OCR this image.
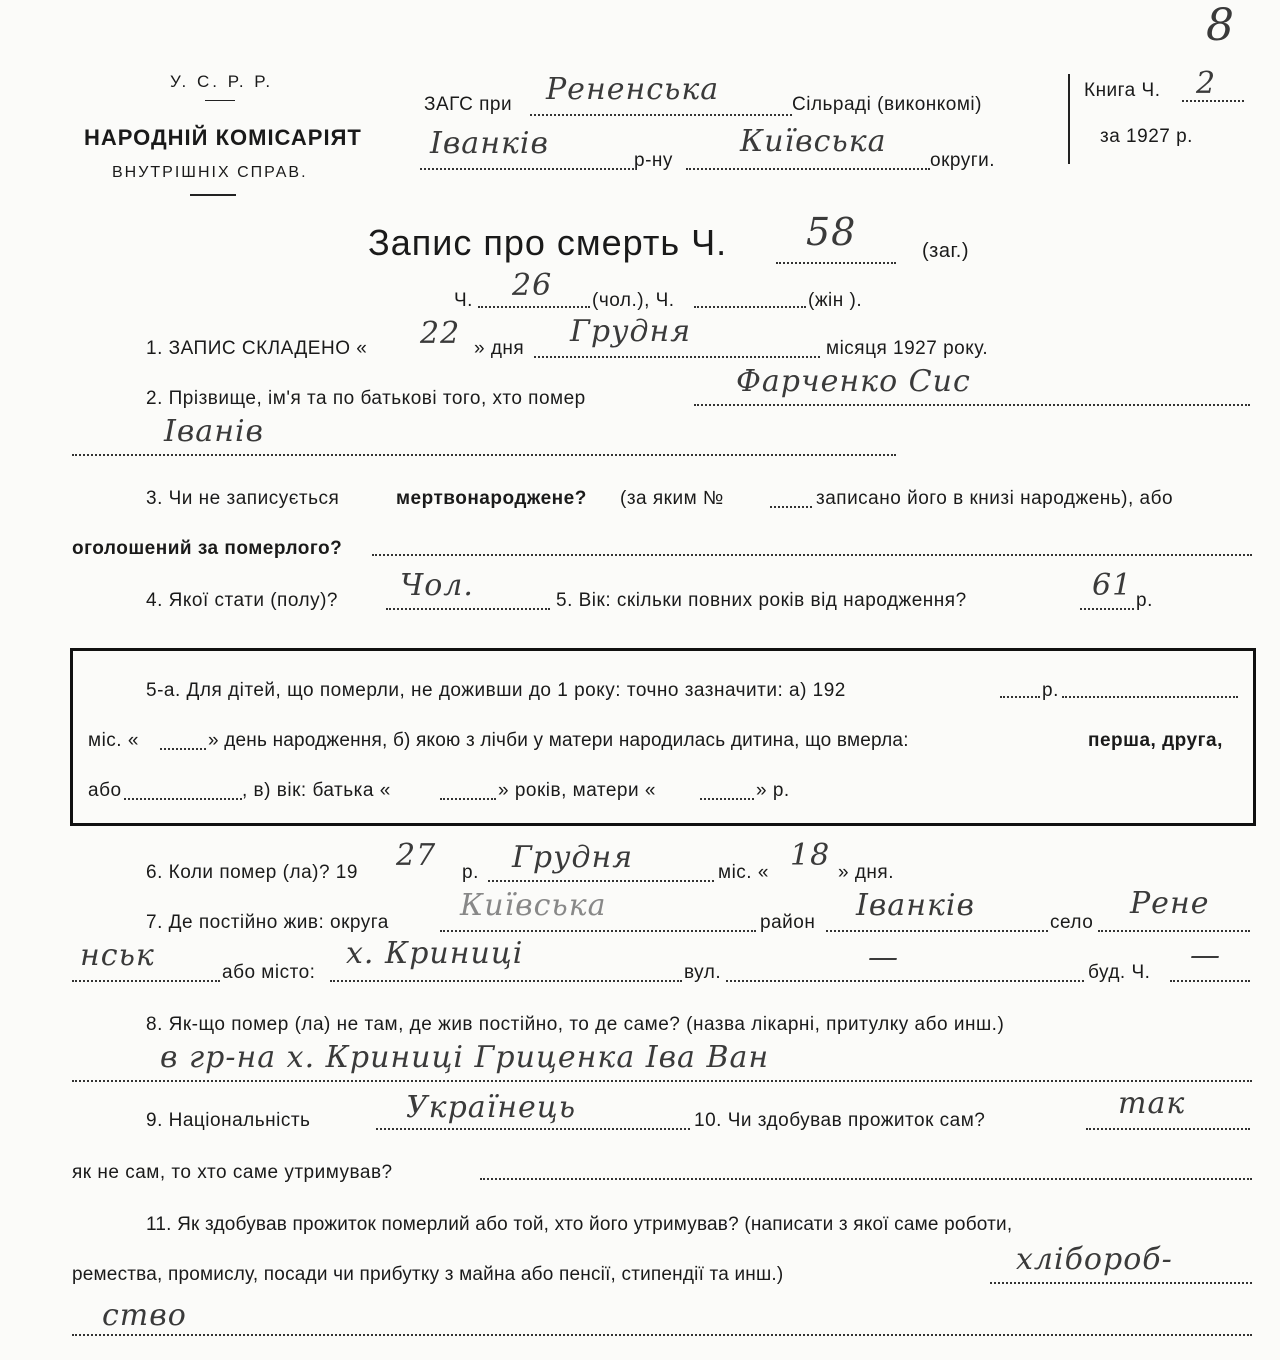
У. С. Р. Р.
НАРОДНІЙ КОМІСАРІЯТ
ВНУТРІШНІХ СПРАВ.
ЗАГС при Рененська	Сільраді (виконкомі)
Іванків	р-ну
Київська
округи.
Книга Ч. 2
за 1927 р.
8
Запис про смерть Ч. 58	(заг.)
Ч. 26 (чол.), Ч.	(жін ).
1. ЗАПИС СКЛАДЕНО « 22 » дня Грудня	місяця 1927 року.
2. Прізвище, ім'я та по батькові того, хто помер	Фарченко Сис
Іванів
3. Чи не записується	мертвонароджене? (за яким №	записано його в книзі народжень), або
оголошений за померлого?
4. Якої стати (полу)? Чол.	5. Вік: скільки повних років від народження?	61 р.
5-а. Для дітей, що померли, не доживши до 1 року: точно зазначити: а) 192	р.
міс. «	» день народження, б) якою з лічби у матери народилась дитина, що вмерла:	перша, друга,
або	, в) вік: батька «	» років, матери «	» р.
6. Коли помер (ла)? 19 27 р. Грудня	міс. « 18 » дня.
7. Де постійно жив: округа Київська	район Іванків	село
Рене
нськ	або місто:
х. Криниці
вул.	—	буд. Ч. —
8. Як-що помер (ла) не там, де жив постійно, то де саме? (назва лікарні, притулку або инш.)
в гр-на х. Криниці Гриценка Іва Ван
9. Національність	Українець	10. Чи здобував прожиток сам?	так
як не сам, то хто саме утримував?
11. Як здобував прожиток померлий або той, хто його утримував? (написати з якої саме роботи,
ремества, промислу, посади чи прибутку з майна або пенсії, стипендії та инш.)	хлібороб-
ство
